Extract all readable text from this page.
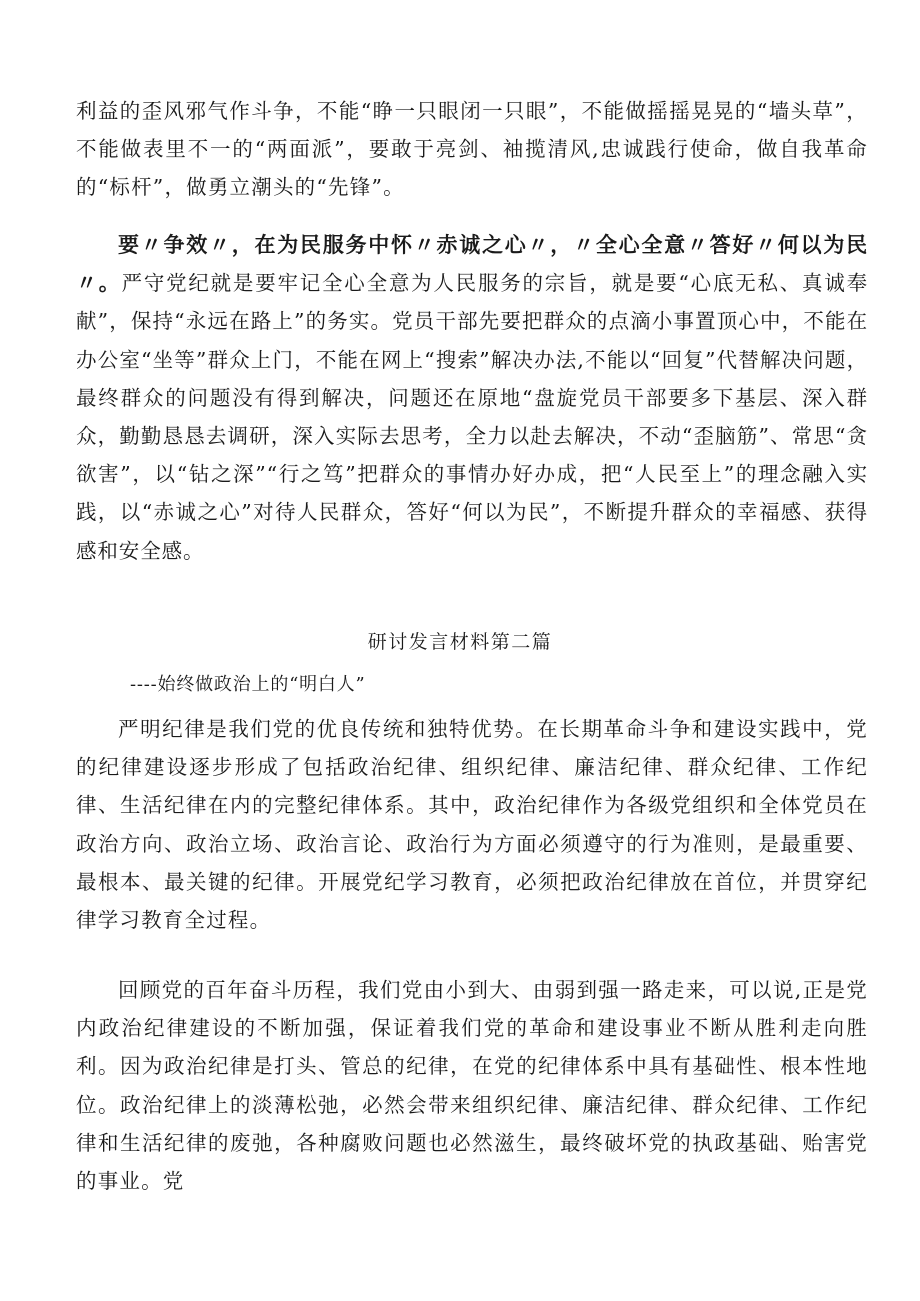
利益的歪风邪气作斗争，不能“睁一只眼闭一只眼”，不能做摇摇晃晃的“墙头草”，不能做表里不一的“两面派”，要敢于亮剑、袖揽清风,忠诚践行使命，做自我革命的“标杆”，做勇立潮头的“先锋”。

要〃争效〃，在为民服务中怀〃赤诚之心〃，〃全心全意〃答好〃何以为民〃。严守党纪就是要牢记全心全意为人民服务的宗旨，就是要“心底无私、真诚奉献”，保持“永远在路上”的务实。党员干部先要把群众的点滴小事置顶心中，不能在办公室“坐等”群众上门，不能在网上“搜索”解决办法,不能以“回复”代替解决问题，最终群众的问题没有得到解决，问题还在原地“盘旋党员干部要多下基层、深入群众，勤勤恳恳去调研，深入实际去思考，全力以赴去解决，不动“歪脑筋”、常思“贪欲害”，以“钻之深”“行之笃”把群众的事情办好办成，把“人民至上”的理念融入实践，以“赤诚之心”对待人民群众，答好“何以为民”，不断提升群众的幸福感、获得感和安全感。

研讨发言材料第二篇

----始终做政治上的“明白人”

严明纪律是我们党的优良传统和独特优势。在长期革命斗争和建设实践中，党的纪律建设逐步形成了包括政治纪律、组织纪律、廉洁纪律、群众纪律、工作纪律、生活纪律在内的完整纪律体系。其中，政治纪律作为各级党组织和全体党员在政治方向、政治立场、政治言论、政治行为方面必须遵守的行为准则，是最重要、最根本、最关键的纪律。开展党纪学习教育，必须把政治纪律放在首位，并贯穿纪律学习教育全过程。

回顾党的百年奋斗历程，我们党由小到大、由弱到强一路走来，可以说,正是党内政治纪律建设的不断加强，保证着我们党的革命和建设事业不断从胜利走向胜利。因为政治纪律是打头、管总的纪律，在党的纪律体系中具有基础性、根本性地位。政治纪律上的淡薄松弛，必然会带来组织纪律、廉洁纪律、群众纪律、工作纪律和生活纪律的废弛，各种腐败问题也必然滋生，最终破坏党的执政基础、贻害党的事业。党
